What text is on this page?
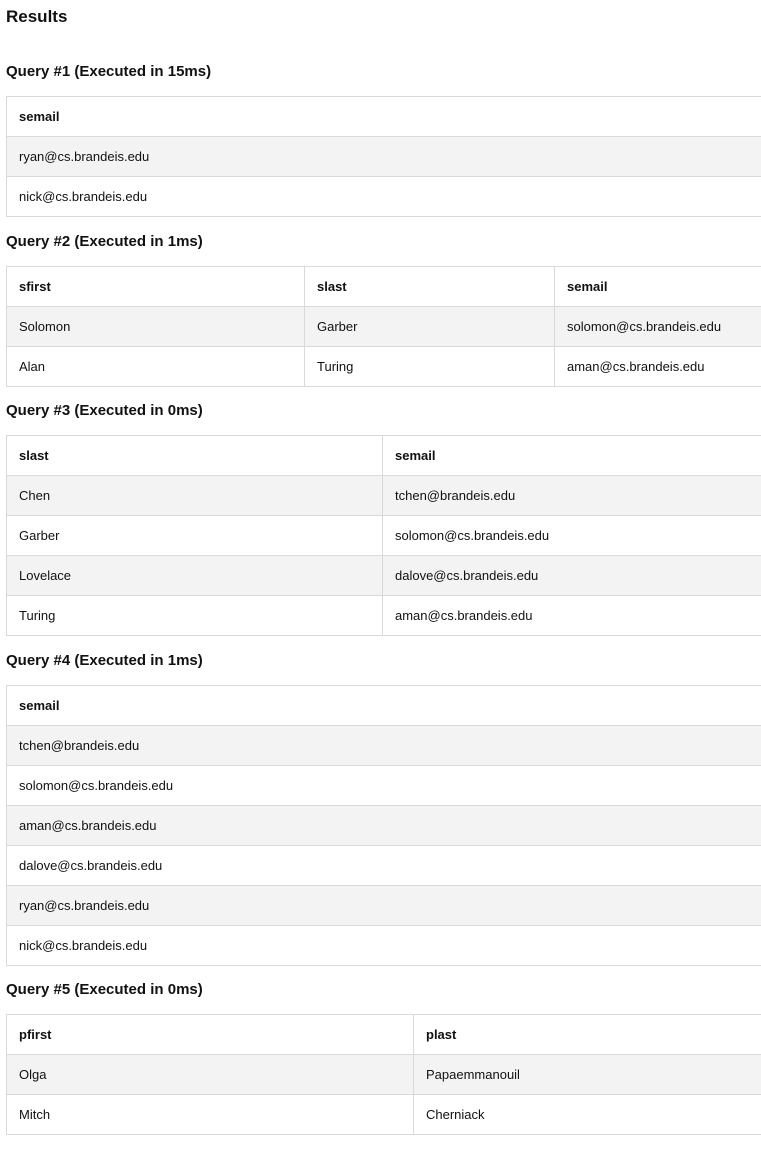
Results
Query #1 (Executed in 15ms)
semail
ryan@cs.brandeis.edu
nick@cs.brandeis.edu
Query #2 (Executed in 1ms)
sfirst	slast	semail
Solomon	Garber	solomon@cs.brandeis.edu
Alan	Turing	aman@cs.brandeis.edu
Query #3 (Executed in 0ms)
slast	semail
Chen	tchen@brandeis.edu
Garber	solomon@cs.brandeis.edu
Lovelace	dalove@cs.brandeis.edu
Turing	aman@cs.brandeis.edu
Query #4 (Executed in 1ms)
semail
tchen@brandeis.edu
solomon@cs.brandeis.edu
aman@cs.brandeis.edu
dalove@cs.brandeis.edu
ryan@cs.brandeis.edu
nick@cs.brandeis.edu
Query #5 (Executed in 0ms)
pfirst	plast
Olga	Papaemmanouil
Mitch	Cherniack
